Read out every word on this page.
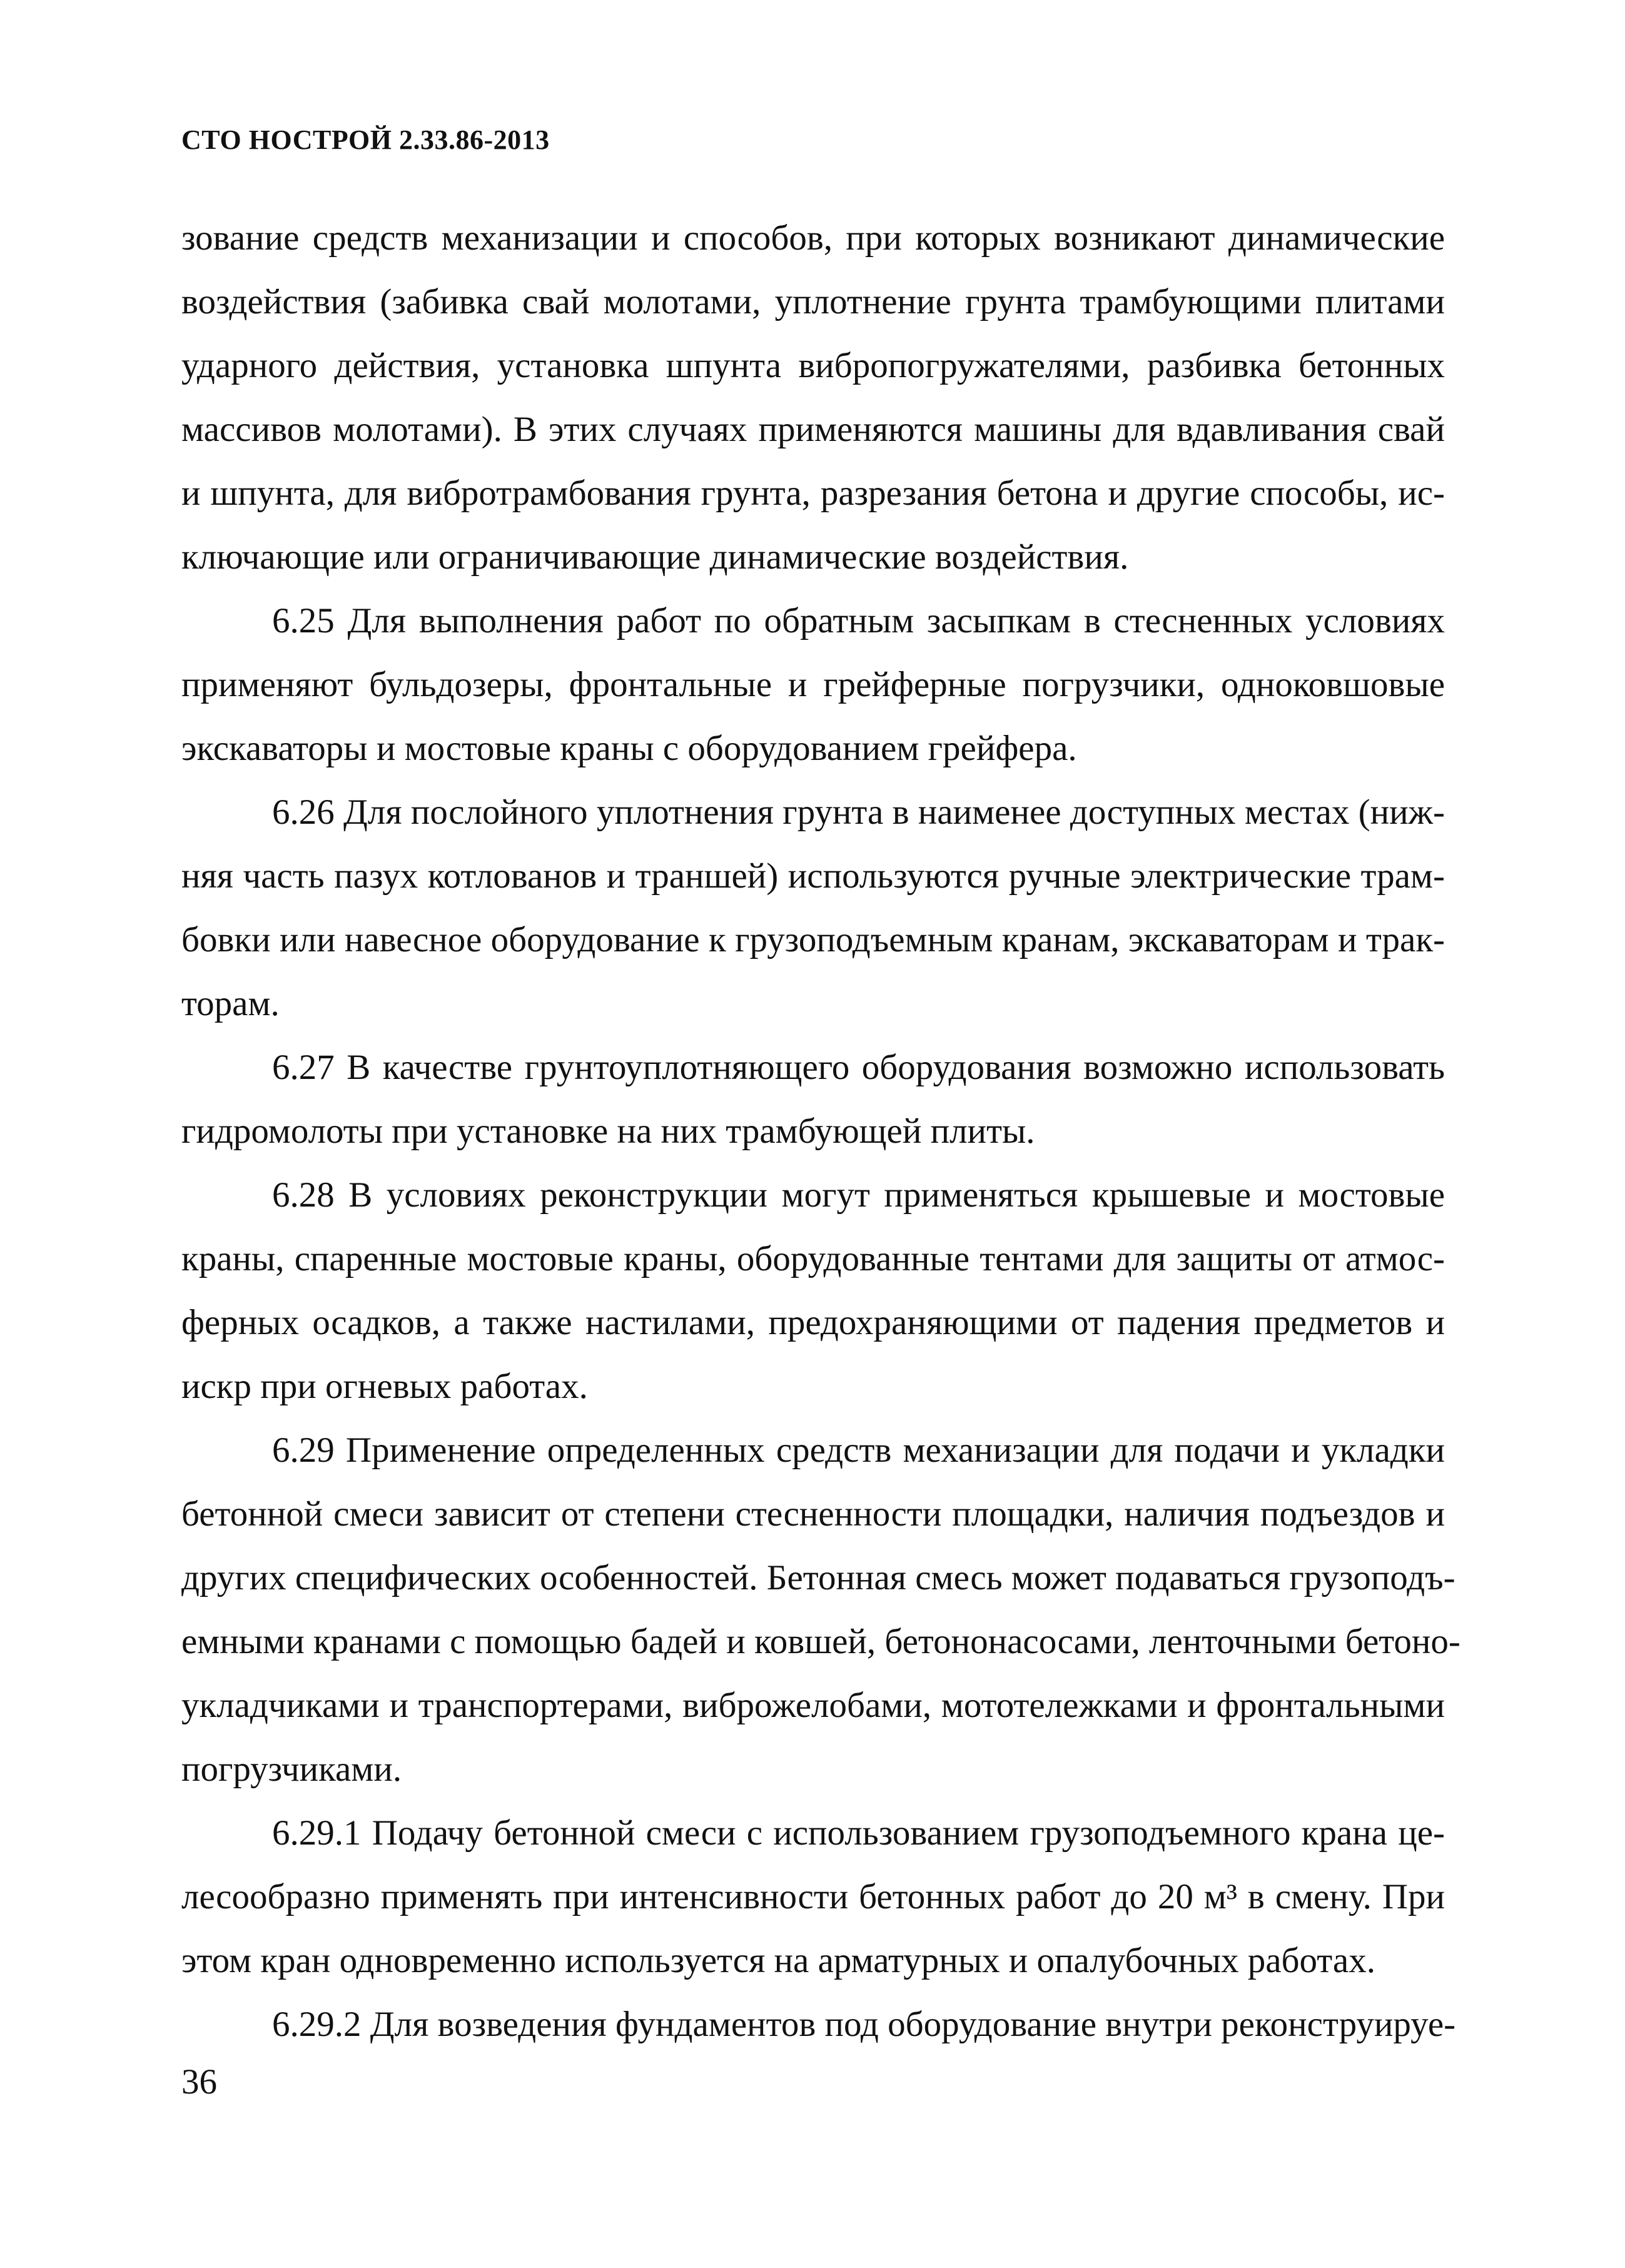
СТО НОСТРОЙ 2.33.86-2013
зование средств механизации и способов, при которых возникают динамические
воздействия (забивка свай молотами, уплотнение грунта трамбующими плитами
ударного действия, установка шпунта вибропогружателями, разбивка бетонных
массивов молотами). В этих случаях применяются машины для вдавливания свай
и шпунта, для вибротрамбования грунта, разрезания бетона и другие способы, ис-
ключающие или ограничивающие динамические воздействия.
6.25 Для выполнения работ по обратным засыпкам в стесненных условиях
применяют бульдозеры, фронтальные и грейферные погрузчики, одноковшовые
экскаваторы и мостовые краны с оборудованием грейфера.
6.26 Для послойного уплотнения грунта в наименее доступных местах (ниж-
няя часть пазух котлованов и траншей) используются ручные электрические трам-
бовки или навесное оборудование к грузоподъемным кранам, экскаваторам и трак-
торам.
6.27 В качестве грунтоуплотняющего оборудования возможно использовать
гидромолоты при установке на них трамбующей плиты.
6.28 В условиях реконструкции могут применяться крышевые и мостовые
краны, спаренные мостовые краны, оборудованные тентами для защиты от атмос-
ферных осадков, а также настилами, предохраняющими от падения предметов и
искр при огневых работах.
6.29 Применение определенных средств механизации для подачи и укладки
бетонной смеси зависит от степени стесненности площадки, наличия подъездов и
других специфических особенностей. Бетонная смесь может подаваться грузоподъ-
емными кранами с помощью бадей и ковшей, бетононасосами, ленточными бетоно-
укладчиками и транспортерами, виброжелобами, мототележками и фронтальными
погрузчиками.
6.29.1 Подачу бетонной смеси с использованием грузоподъемного крана це-
лесообразно применять при интенсивности бетонных работ до 20 м³ в смену. При
этом кран одновременно используется на арматурных и опалубочных работах.
6.29.2 Для возведения фундаментов под оборудование внутри реконструируе-
36
